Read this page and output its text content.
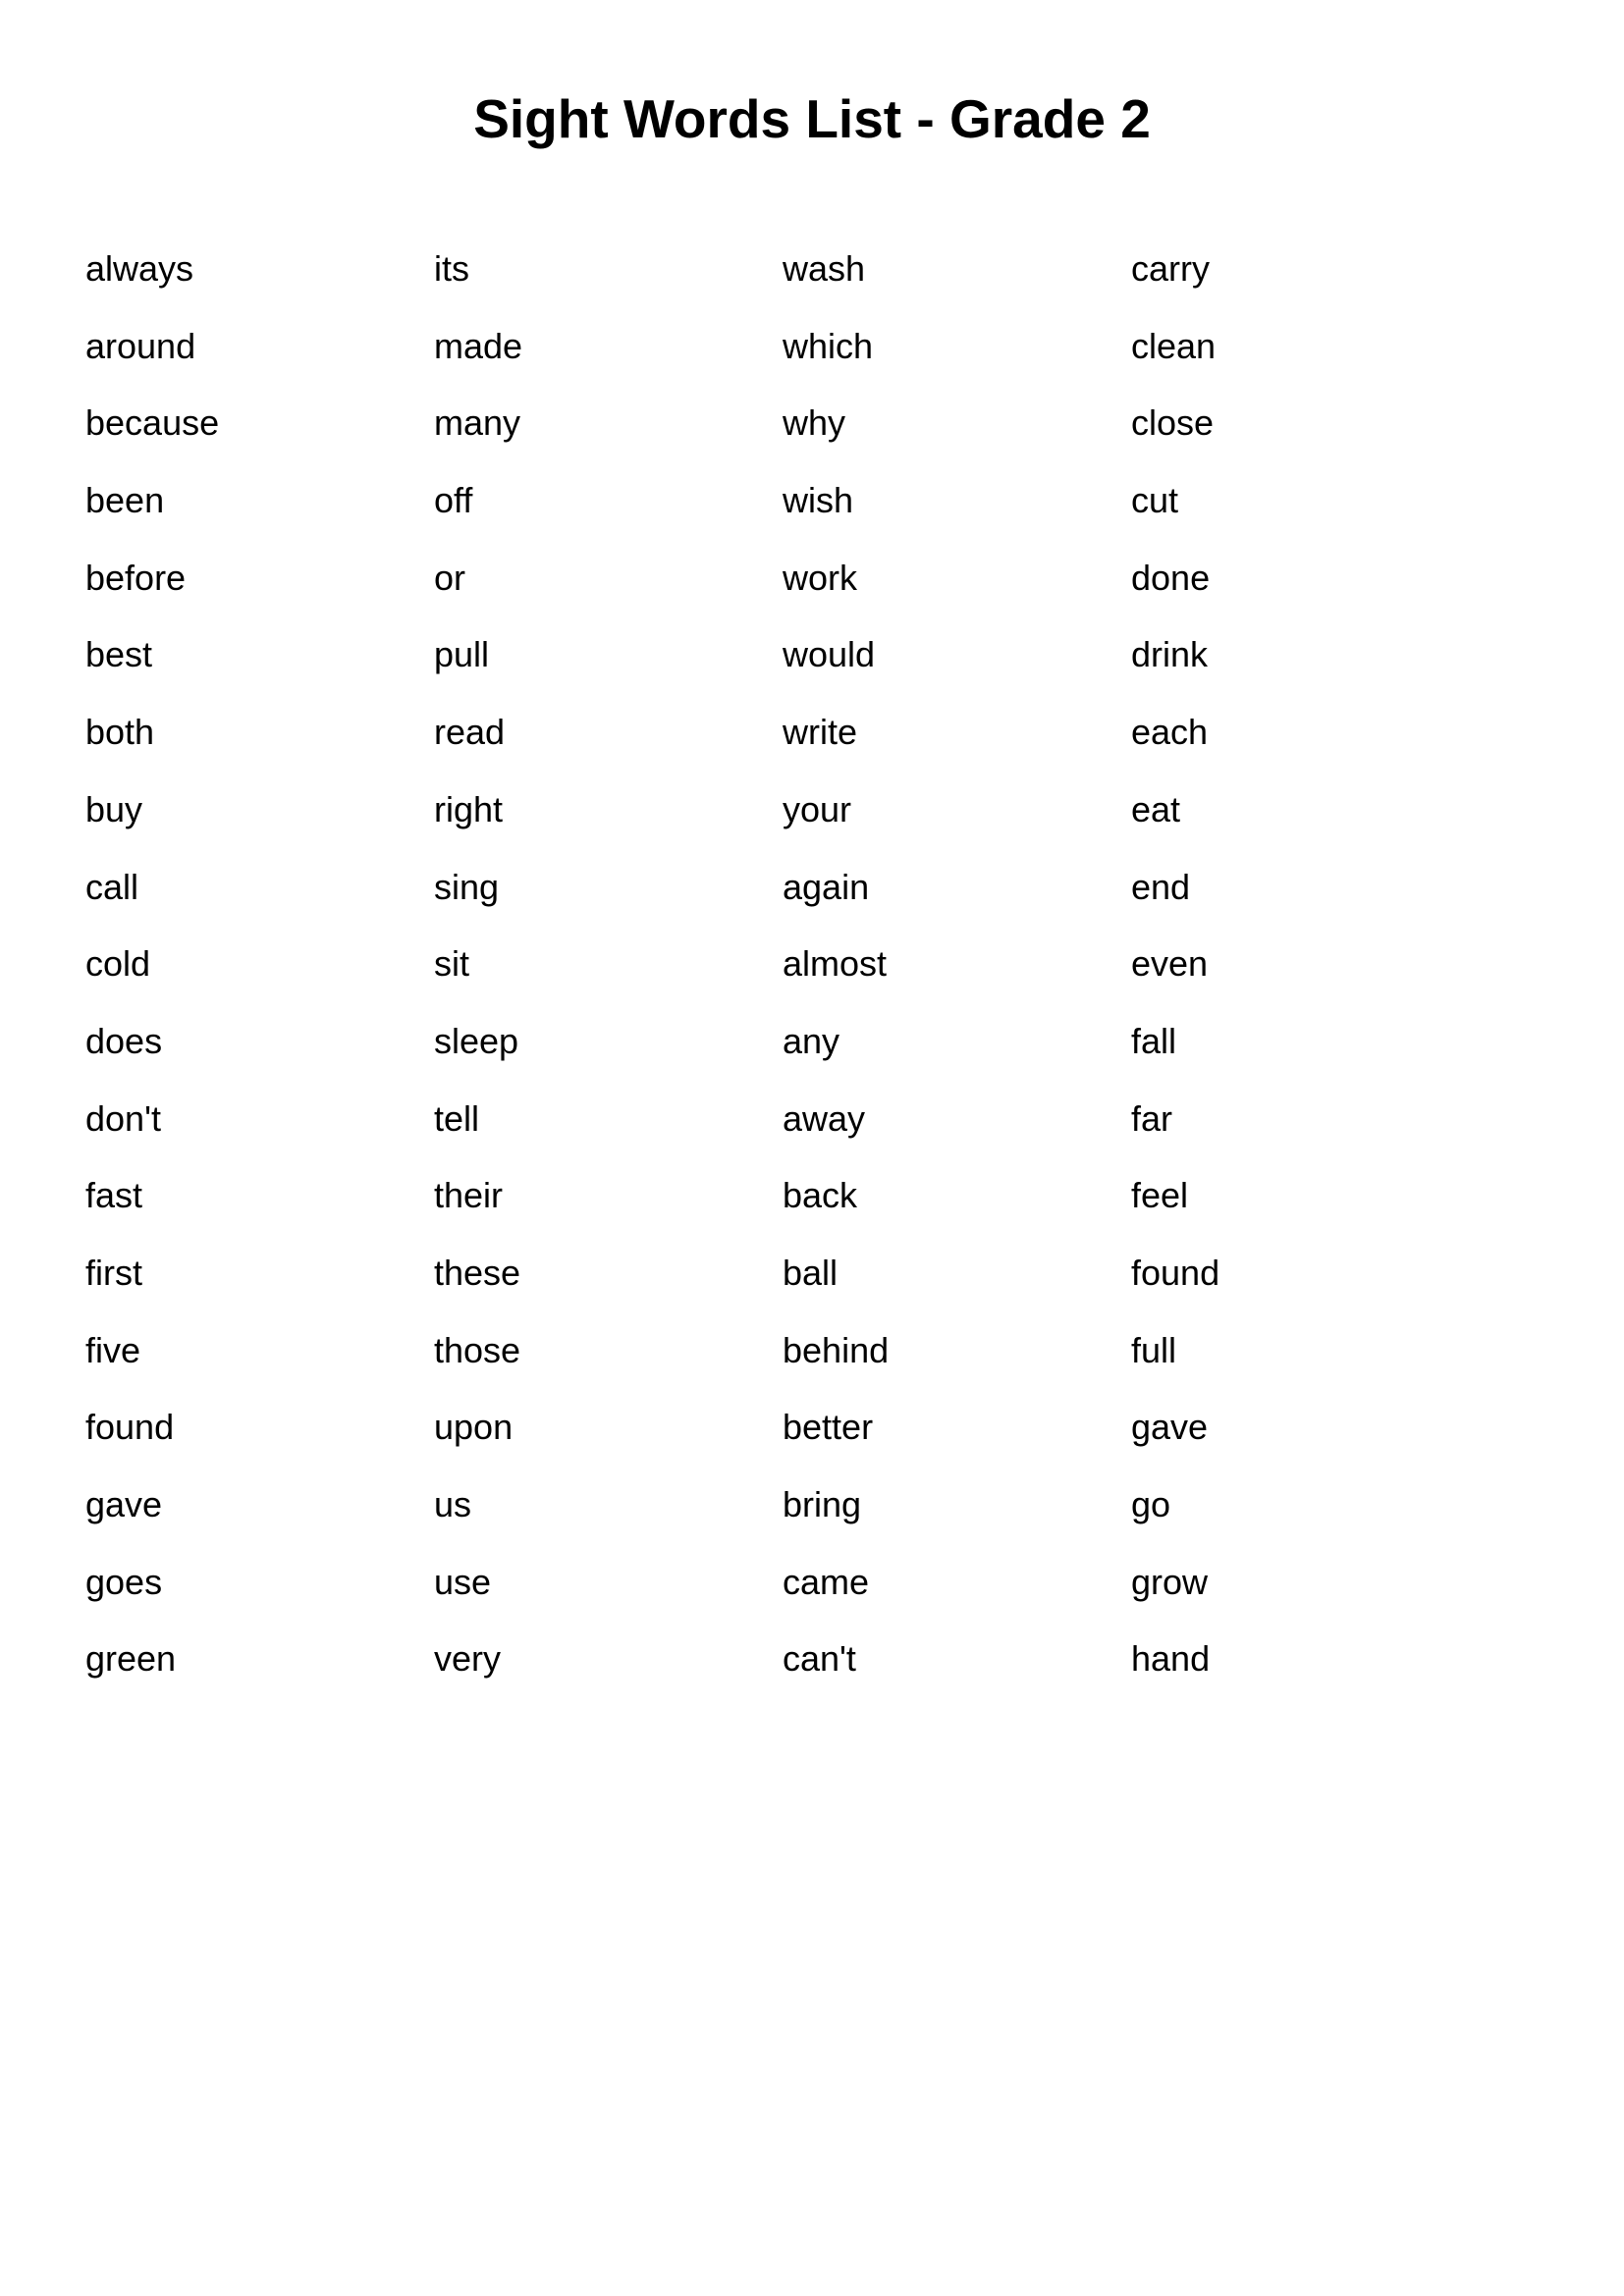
Sight Words List - Grade 2
always	its	wash	carry
around	made	which	clean
because	many	why	close
been	off	wish	cut
before	or	work	done
best	pull	would	drink
both	read	write	each
buy	right	your	eat
call	sing	again	end
cold	sit	almost	even
does	sleep	any	fall
don't	tell	away	far
fast	their	back	feel
first	these	ball	found
five	those	behind	full
found	upon	better	gave
gave	us	bring	go
goes	use	came	grow
green	very	can't	hand
